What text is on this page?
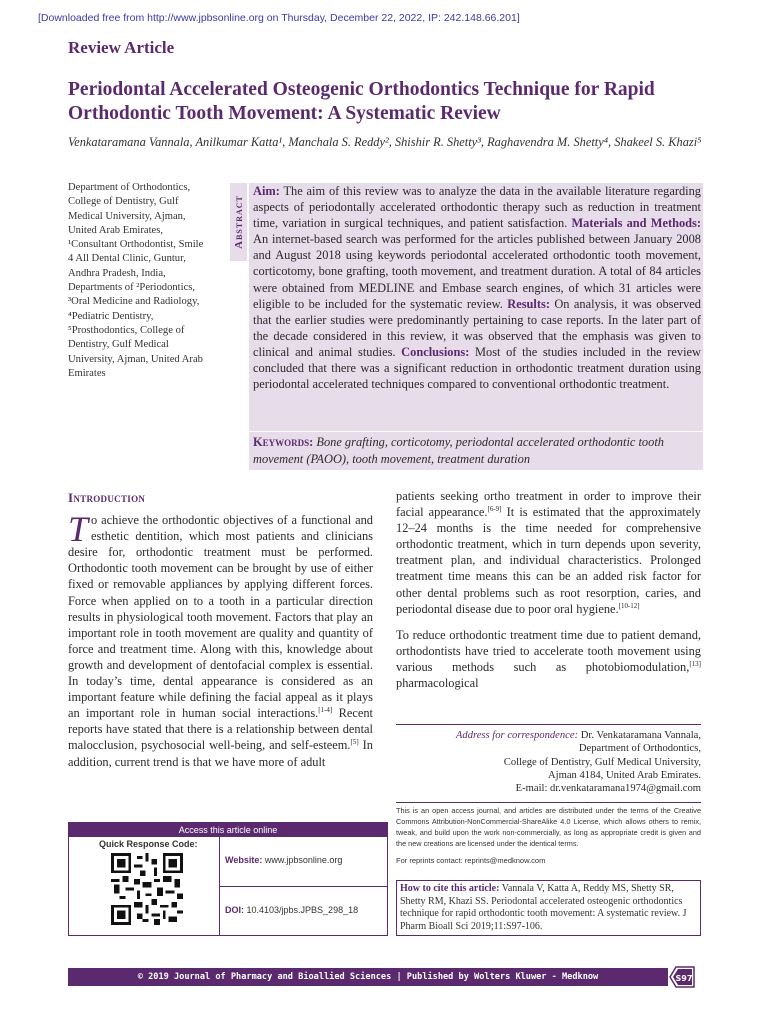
[Downloaded free from http://www.jpbsonline.org on Thursday, December 22, 2022, IP: 242.148.66.201]
Review Article
Periodontal Accelerated Osteogenic Orthodontics Technique for Rapid Orthodontic Tooth Movement: A Systematic Review
Venkataramana Vannala, Anilkumar Katta¹, Manchala S. Reddy², Shishir R. Shetty³, Raghavendra M. Shetty⁴, Shakeel S. Khazi⁵
Department of Orthodontics, College of Dentistry, Gulf Medical University, Ajman, United Arab Emirates, ¹Consultant Orthodontist, Smile 4 All Dental Clinic, Guntur, Andhra Pradesh, India, Departments of ²Periodontics, ³Oral Medicine and Radiology, ⁴Pediatric Dentistry, ⁵Prosthodontics, College of Dentistry, Gulf Medical University, Ajman, United Arab Emirates
Abstract
Aim: The aim of this review was to analyze the data in the available literature regarding aspects of periodontally accelerated orthodontic therapy such as reduction in treatment time, variation in surgical techniques, and patient satisfaction. Materials and Methods: An internet-based search was performed for the articles published between January 2008 and August 2018 using keywords periodontal accelerated orthodontic tooth movement, corticotomy, bone grafting, tooth movement, and treatment duration. A total of 84 articles were obtained from MEDLINE and Embase search engines, of which 31 articles were eligible to be included for the systematic review. Results: On analysis, it was observed that the earlier studies were predominantly pertaining to case reports. In the later part of the decade considered in this review, it was observed that the emphasis was given to clinical and animal studies. Conclusions: Most of the studies included in the review concluded that there was a significant reduction in orthodontic treatment duration using periodontal accelerated techniques compared to conventional orthodontic treatment.
Keywords: Bone grafting, corticotomy, periodontal accelerated orthodontic tooth movement (PAOO), tooth movement, treatment duration
Introduction
T o achieve the orthodontic objectives of a functional and esthetic dentition, which most patients and clinicians desire for, orthodontic treatment must be performed. Orthodontic tooth movement can be brought by use of either fixed or removable appliances by applying different forces. Force when applied on to a tooth in a particular direction results in physiological tooth movement. Factors that play an important role in tooth movement are quality and quantity of force and treatment time. Along with this, knowledge about growth and development of dentofacial complex is essential. In today’s time, dental appearance is considered as an important feature while defining the facial appeal as it plays an important role in human social interactions.[1-4] Recent reports have stated that there is a relationship between dental malocclusion, psychosocial well-being, and self-esteem.[5] In addition, current trend is that we have more of adult

patients seeking ortho treatment in order to improve their facial appearance.[6-9] It is estimated that the approximately 12–24 months is the time needed for comprehensive orthodontic treatment, which in turn depends upon severity, treatment plan, and individual characteristics. Prolonged treatment time means this can be an added risk factor for other dental problems such as root resorption, caries, and periodontal disease due to poor oral hygiene.[10-12]

To reduce orthodontic treatment time due to patient demand, orthodontists have tried to accelerate tooth movement using various methods such as photobiomodulation,[13] pharmacological

Address for correspondence: Dr. Venkataramana Vannala,
Department of Orthodontics,
College of Dentistry, Gulf Medical University,
Ajman 4184, United Arab Emirates.
E-mail: dr.venkataramana1974@gmail.com
This is an open access journal, and articles are distributed under the terms of the Creative Commons Attribution-NonCommercial-ShareAlike 4.0 License, which allows others to remix, tweak, and build upon the work non-commercially, as long as appropriate credit is given and the new creations are licensed under the identical terms.
For reprints contact: reprints@medknow.com
How to cite this article: Vannala V, Katta A, Reddy MS, Shetty SR, Shetty RM, Khazi SS. Periodontal accelerated osteogenic orthodontics technique for rapid orthodontic tooth movement: A systematic review. J Pharm Bioall Sci 2019;11:S97-106.
Access this article online
Quick Response Code:
Website: www.jpbsonline.org
DOI: 10.4103/jpbs.JPBS_298_18
© 2019 Journal of Pharmacy and Bioallied Sciences | Published by Wolters Kluwer - Medknow	S97
